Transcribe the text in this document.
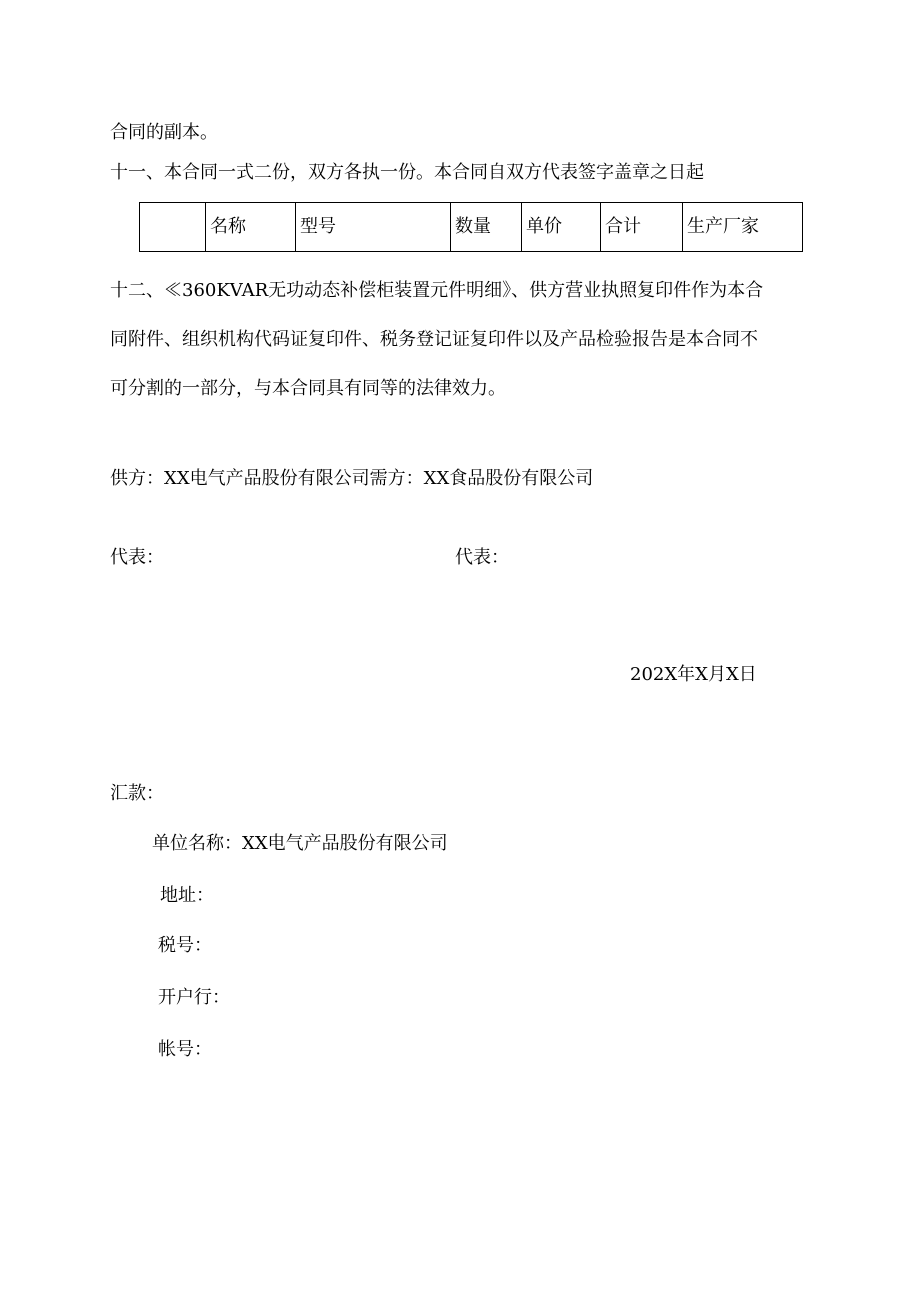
合同的副本。
十一、本合同一式二份，双方各执一份。本合同自双方代表签字盖章之日起
	名称	型号	数量	单价	合计	生产厂家
十二、≪360KVAR无功动态补偿柜装置元件明细》、供方营业执照复印件作为本合
同附件、组织机构代码证复印件、税务登记证复印件以及产品检验报告是本合同不
可分割的一部分，与本合同具有同等的法律效力。
供方：XX电气产品股份有限公司需方：XX食品股份有限公司
代表：	代表：
202X年X月X日
汇款：
单位名称：XX电气产品股份有限公司
地址：
税号：
开户行：
帐号：
